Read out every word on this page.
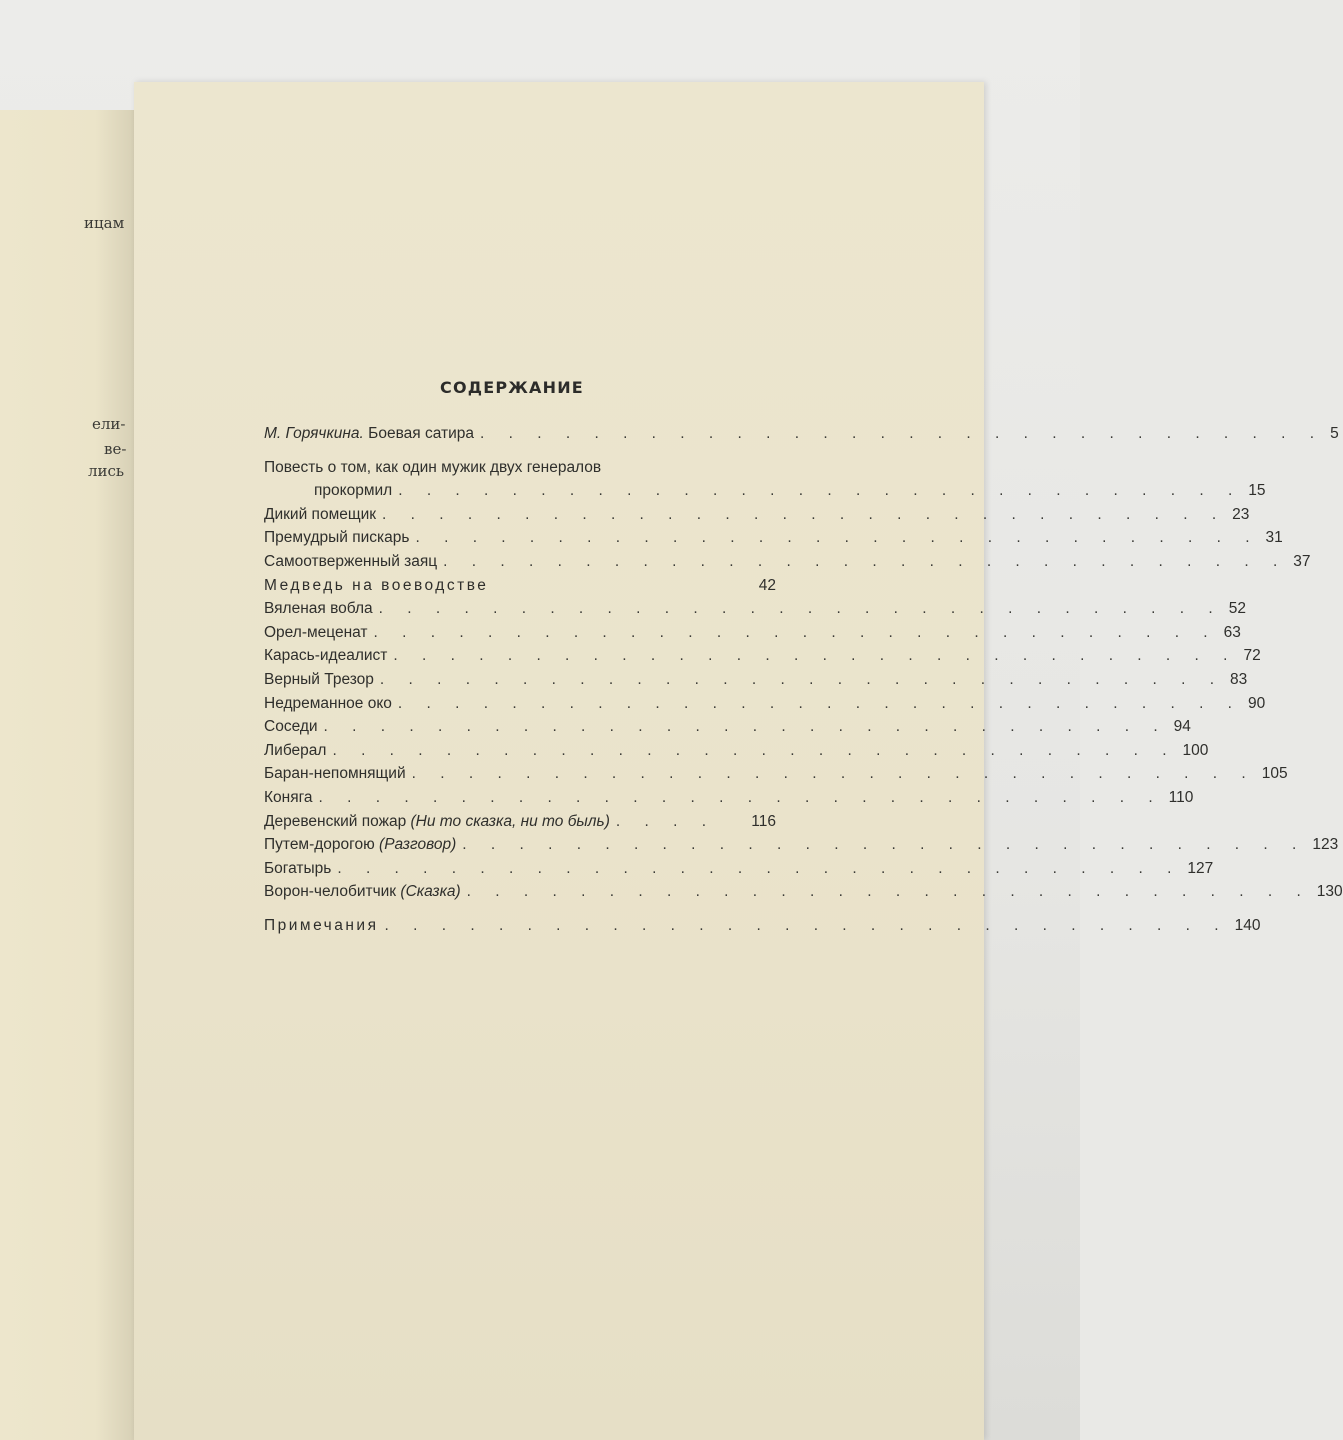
ицам
ели-
ве-
лись
СОДЕРЖАНИЕ
М. Горячкина. Боевая сатира . . . . . . . . . . . . . . . . . . . . . . . . . . . . . . 5
Повесть о том, как один мужик двух генералов
прокормил . . . . . . . . . . . . . . . . . . . . . . . . . . . . . . 15
Дикий помещик . . . . . . . . . . . . . . . . . . . . . . . . . . . . . . 23
Премудрый пискарь . . . . . . . . . . . . . . . . . . . . . . . . . . . . . . 31
Самоотверженный заяц . . . . . . . . . . . . . . . . . . . . . . . . . . . . . . 37
Медведь на воеводстве	42
Вяленая вобла . . . . . . . . . . . . . . . . . . . . . . . . . . . . . . 52
Орел-меценат . . . . . . . . . . . . . . . . . . . . . . . . . . . . . . 63
Карась-идеалист . . . . . . . . . . . . . . . . . . . . . . . . . . . . . . 72
Верный Трезор . . . . . . . . . . . . . . . . . . . . . . . . . . . . . . 83
Недреманное око . . . . . . . . . . . . . . . . . . . . . . . . . . . . . . 90
Соседи . . . . . . . . . . . . . . . . . . . . . . . . . . . . . . 94
Либерал . . . . . . . . . . . . . . . . . . . . . . . . . . . . . . 100
Баран-непомнящий . . . . . . . . . . . . . . . . . . . . . . . . . . . . . . 105
Коняга . . . . . . . . . . . . . . . . . . . . . . . . . . . . . . 110
Деревенский пожар (Ни то сказка, ни то быль) . . . .	116
Путем-дорогою (Разговор) . . . . . . . . . . . . . . . . . . . . . . . . . . . . . . 123
Богатырь . . . . . . . . . . . . . . . . . . . . . . . . . . . . . . 127
Ворон-челобитчик (Сказка) . . . . . . . . . . . . . . . . . . . . . . . . . . . . . . 130
Примечания . . . . . . . . . . . . . . . . . . . . . . . . . . . . . . 140
